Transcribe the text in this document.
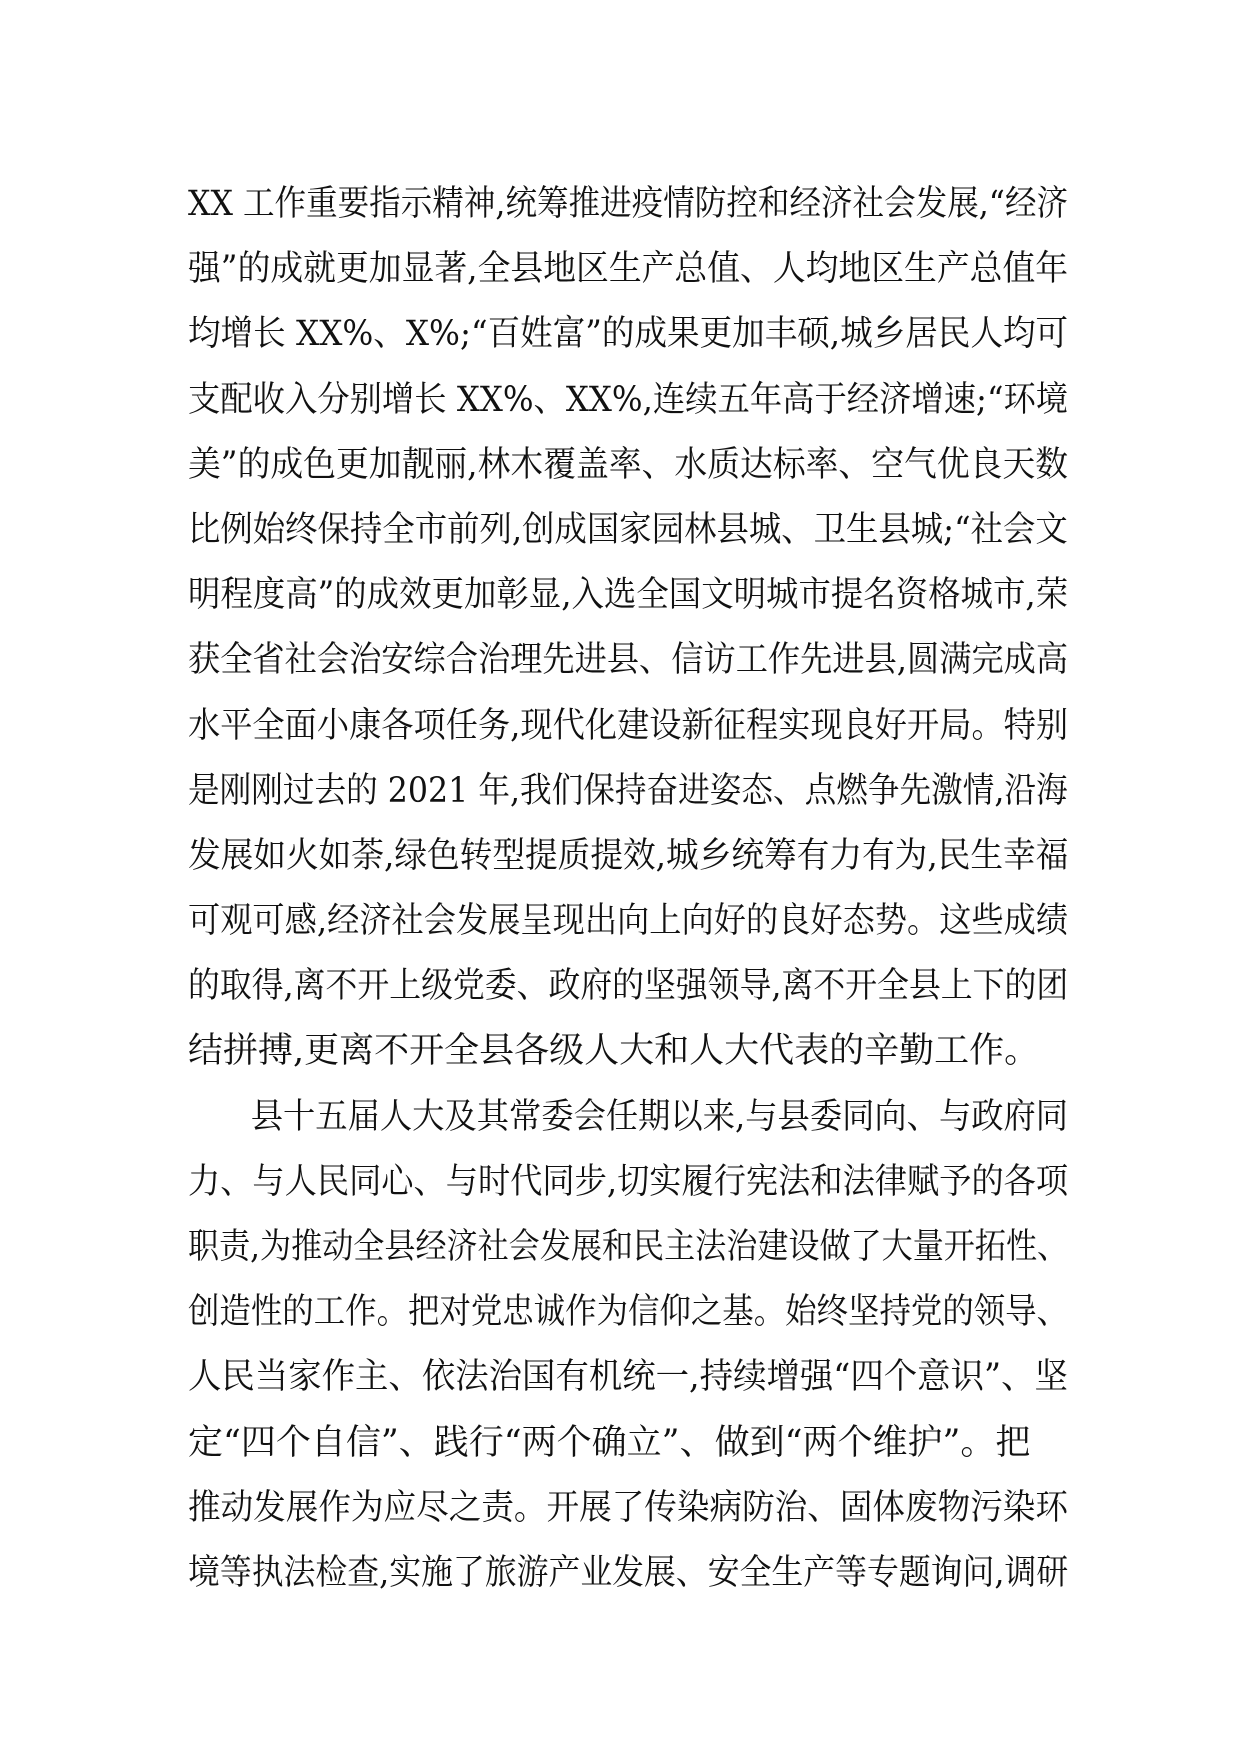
XX 工作重要指示精神,统筹推进疫情防控和经济社会发展,“经济
强”的成就更加显著,全县地区生产总值、人均地区生产总值年
均增长 XX%、X%;“百姓富”的成果更加丰硕,城乡居民人均可
支配收入分别增长 XX%、XX%,连续五年高于经济增速;“环境
美”的成色更加靓丽,林木覆盖率、水质达标率、空气优良天数
比例始终保持全市前列,创成国家园林县城、卫生县城;“社会文
明程度高”的成效更加彰显,入选全国文明城市提名资格城市,荣
获全省社会治安综合治理先进县、信访工作先进县,圆满完成高
水平全面小康各项任务,现代化建设新征程实现良好开局。特别
是刚刚过去的 2021 年,我们保持奋进姿态、点燃争先激情,沿海
发展如火如荼,绿色转型提质提效,城乡统筹有力有为,民生幸福
可观可感,经济社会发展呈现出向上向好的良好态势。这些成绩
的取得,离不开上级党委、政府的坚强领导,离不开全县上下的团
结拼搏,更离不开全县各级人大和人大代表的辛勤工作。
县十五届人大及其常委会任期以来,与县委同向、与政府同
力、与人民同心、与时代同步,切实履行宪法和法律赋予的各项
职责,为推动全县经济社会发展和民主法治建设做了大量开拓性、
创造性的工作。把对党忠诚作为信仰之基。始终坚持党的领导、
人民当家作主、依法治国有机统一,持续增强“四个意识”、坚
定“四个自信”、践行“两个确立”、做到“两个维护”。把
推动发展作为应尽之责。开展了传染病防治、固体废物污染环
境等执法检查,实施了旅游产业发展、安全生产等专题询问,调研
